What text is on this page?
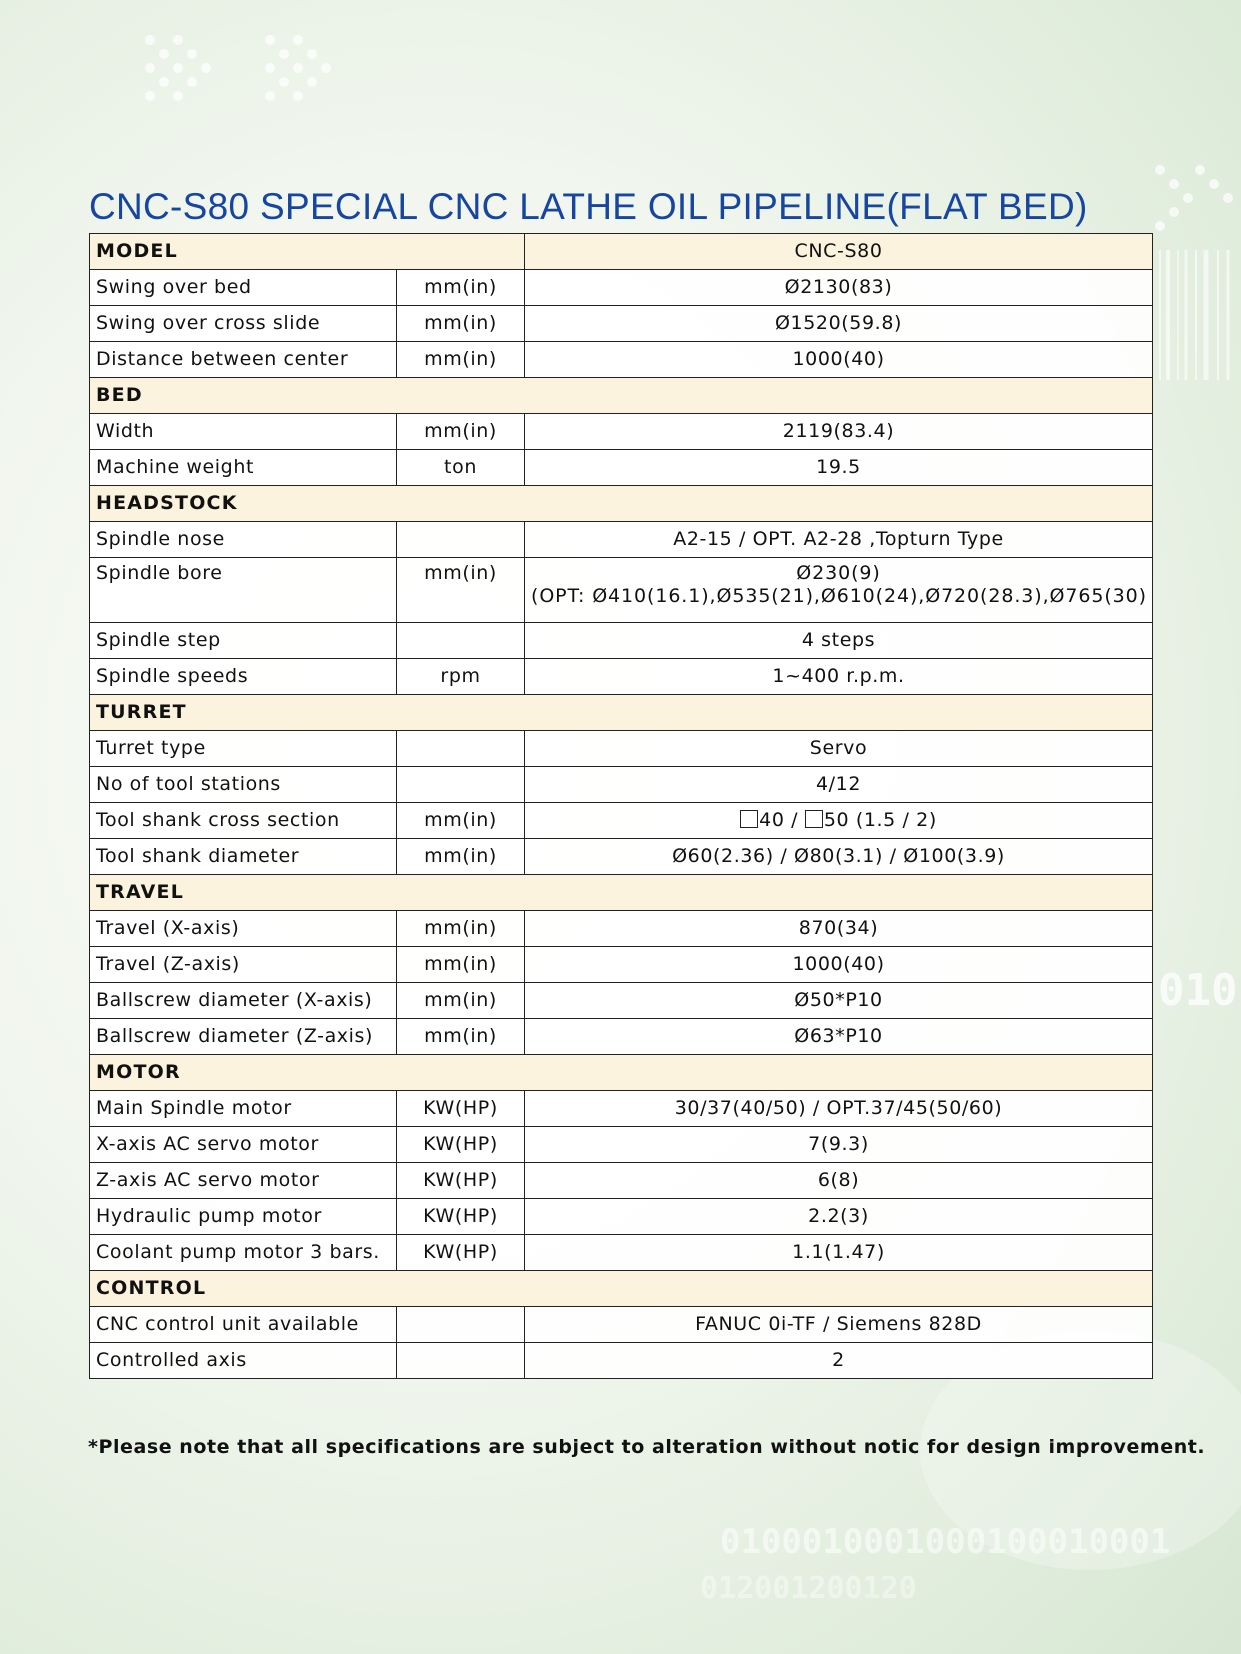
010
0100010001000100010001
012001200120
CNC-S80 SPECIAL CNC LATHE OIL PIPELINE(FLAT BED)
MODEL		CNC-S80
Swing over bed	mm(in)	Ø2130(83)

Swing over cross slide	mm(in)	Ø1520(59.8)

Distance between center	mm(in)	1000(40)

BED		
Width	mm(in)	2119(83.4)

Machine weight	ton	19.5

HEADSTOCK		
Spindle nose		A2-15 / OPT. A2-28 ,Topturn Type

Spindle bore	mm(in)	Ø230(9)
(OPT: Ø410(16.1),Ø535(21),Ø610(24),Ø720(28.3),Ø765(30)

Spindle step		4 steps

Spindle speeds	rpm	1~400 r.p.m.

TURRET		
Turret type		Servo

No of tool stations		4/12

Tool shank cross section	mm(in)	40 / 50 (1.5 / 2)
Tool shank diameter	mm(in)	Ø60(2.36) / Ø80(3.1) / Ø100(3.9)

TRAVEL		
Travel (X-axis)	mm(in)	870(34)

Travel (Z-axis)	mm(in)	1000(40)

Ballscrew diameter (X-axis)	mm(in)	Ø50*P10

Ballscrew diameter (Z-axis)	mm(in)	Ø63*P10

MOTOR		
Main Spindle motor	KW(HP)	30/37(40/50) / OPT.37/45(50/60)

X-axis AC servo motor	KW(HP)	7(9.3)

Z-axis AC servo motor	KW(HP)	6(8)

Hydraulic pump motor	KW(HP)	2.2(3)

Coolant pump motor 3 bars.	KW(HP)	1.1(1.47)

CONTROL		
CNC control unit available		FANUC 0i-TF / Siemens 828D

Controlled axis		2
*Please note that all specifications are subject to alteration without notic for design improvement.
